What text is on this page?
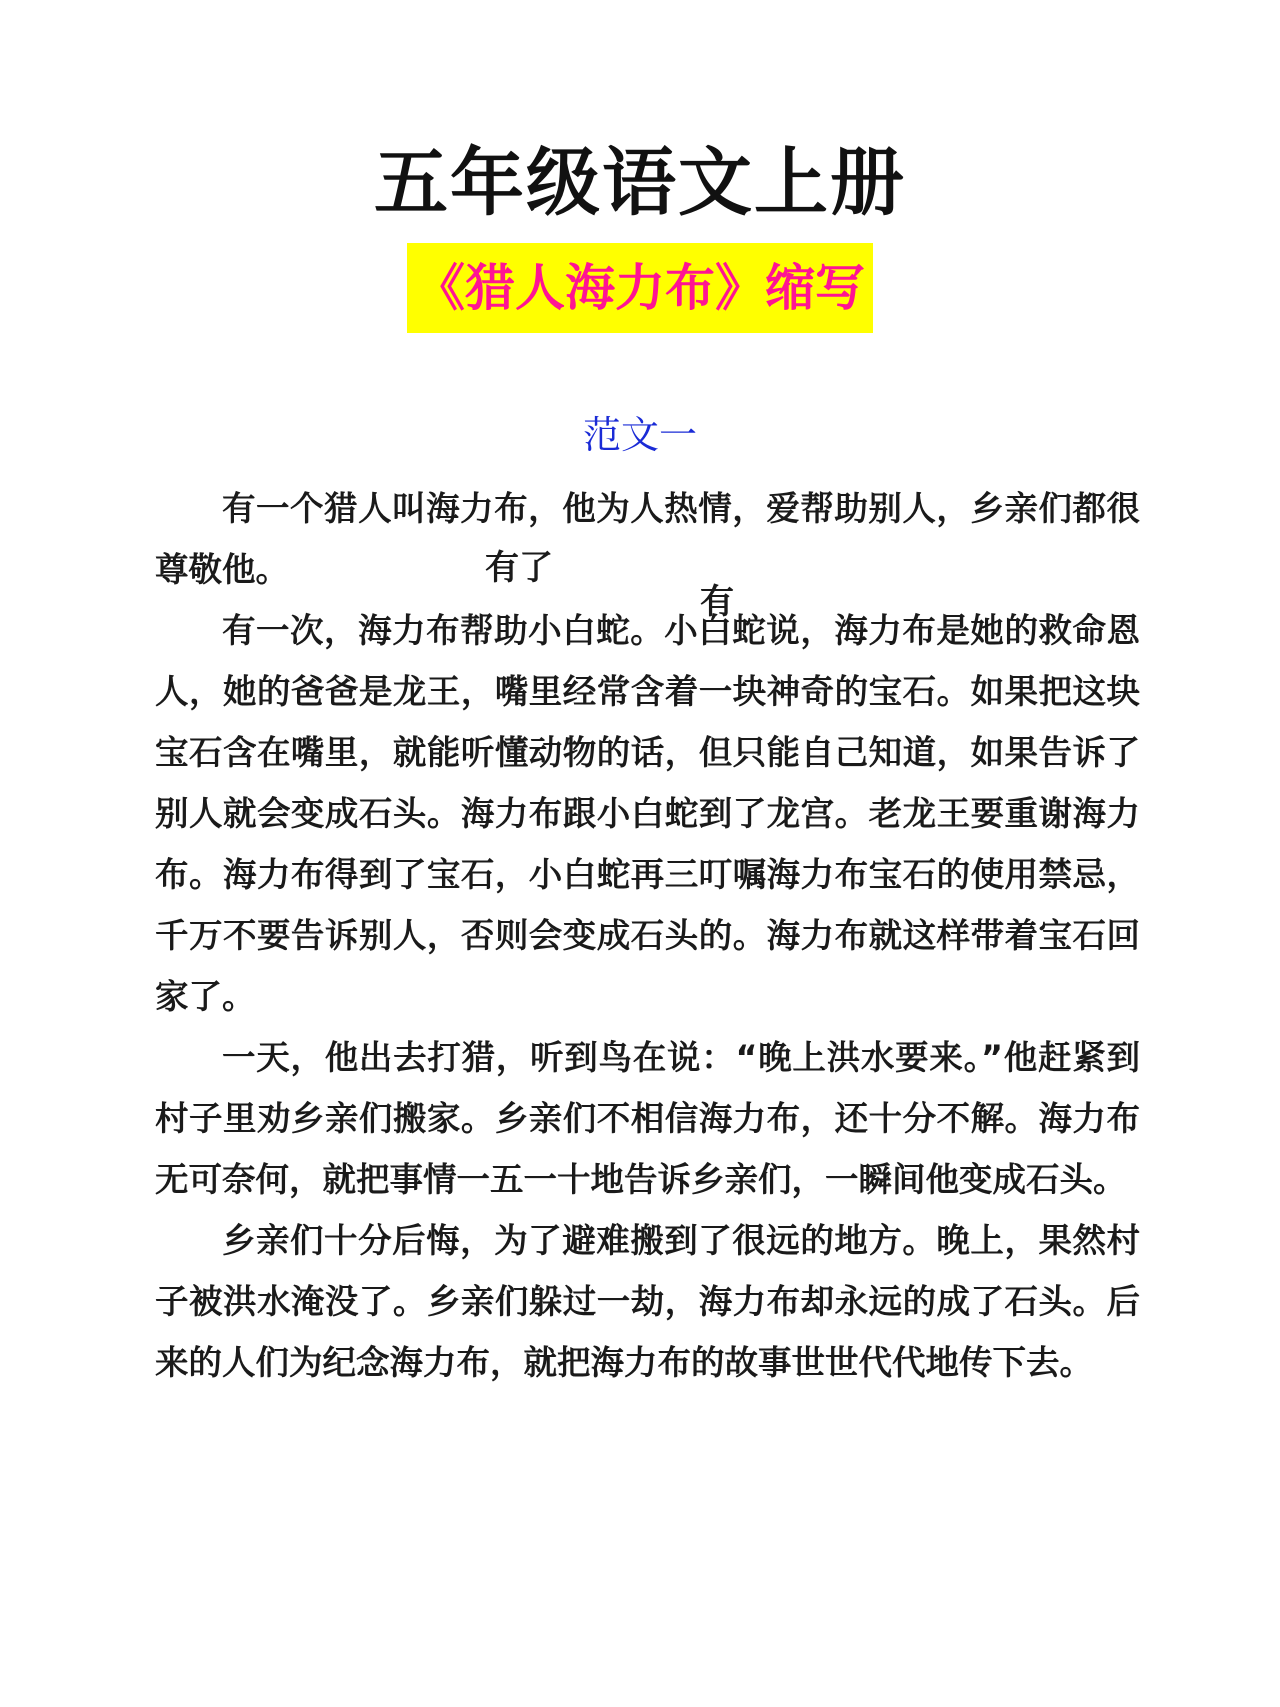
五年级语文上册
《猎人海力布》缩写
范文一

有一个猎人叫海力布，他为人热情，爱帮助别人，乡亲们都很尊敬他。

有一次，海力布帮助小白蛇。小白蛇说，海力布是她的救命恩人，她的爸爸是龙王，嘴里经常含着一块神奇的宝石。如果把这块宝石含在嘴里，就能听懂动物的话，但只能自己知道，如果告诉了别人就会变成石头。海力布跟小白蛇到了龙宫。老龙王要重谢海力布。海力布得到了宝石，小白蛇再三叮嘱海力布宝石的使用禁忌，千万不要告诉别人，否则会变成石头的。海力布就这样带着宝石回家了。

一天，他出去打猎，听到鸟在说：“晚上洪水要来。”他赶紧到村子里劝乡亲们搬家。乡亲们不相信海力布，还十分不解。海力布无可奈何，就把事情一五一十地告诉乡亲们，一瞬间他变成石头。

乡亲们十分后悔，为了避难搬到了很远的地方。晚上，果然村子被洪水淹没了。乡亲们躲过一劫，海力布却永远的成了石头。后来的人们为纪念海力布，就把海力布的故事世世代代地传下去。

有了
有
